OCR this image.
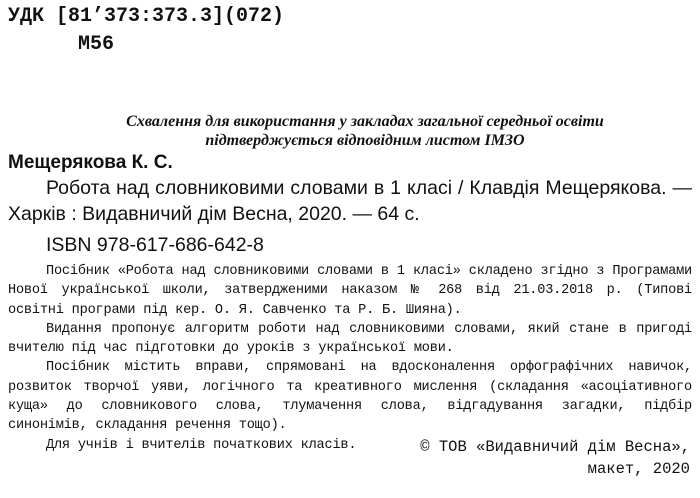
УДК [81’373:373.3](072)
М56
Схвалення для використання у закладах загальної середньої освіти
підтверджується відповідним листом ІМЗО
Мещерякова К. С.
Робота над словниковими словами в 1 класі / Клавдія Мещерякова. — Харків : Видавничий дім Весна, 2020. — 64 с.
ISBN 978-617-686-642-8

Посібник «Робота над словниковими словами в 1 класі» складено згідно з Програмами Нової української школи, затвердженими наказом № 268 від 21.03.2018 р. (Типові освітні програми під кер. О. Я. Савченко та Р. Б. Шияна).

Видання пропонує алгоритм роботи над словниковими словами, який стане в пригоді вчителю під час підготовки до уроків з української мови.

Посібник містить вправи, спрямовані на вдосконалення орфографічних навичок, розвиток творчої уяви, логічного та креативного мислення (складання «асоціативного куща» до словникового слова, тлумачення слова, відгадування загадки, підбір синонімів, складання речення тощо).

Для учнів і вчителів початкових класів.	© ТОВ «Видавничий дім Весна»,
макет, 2020
